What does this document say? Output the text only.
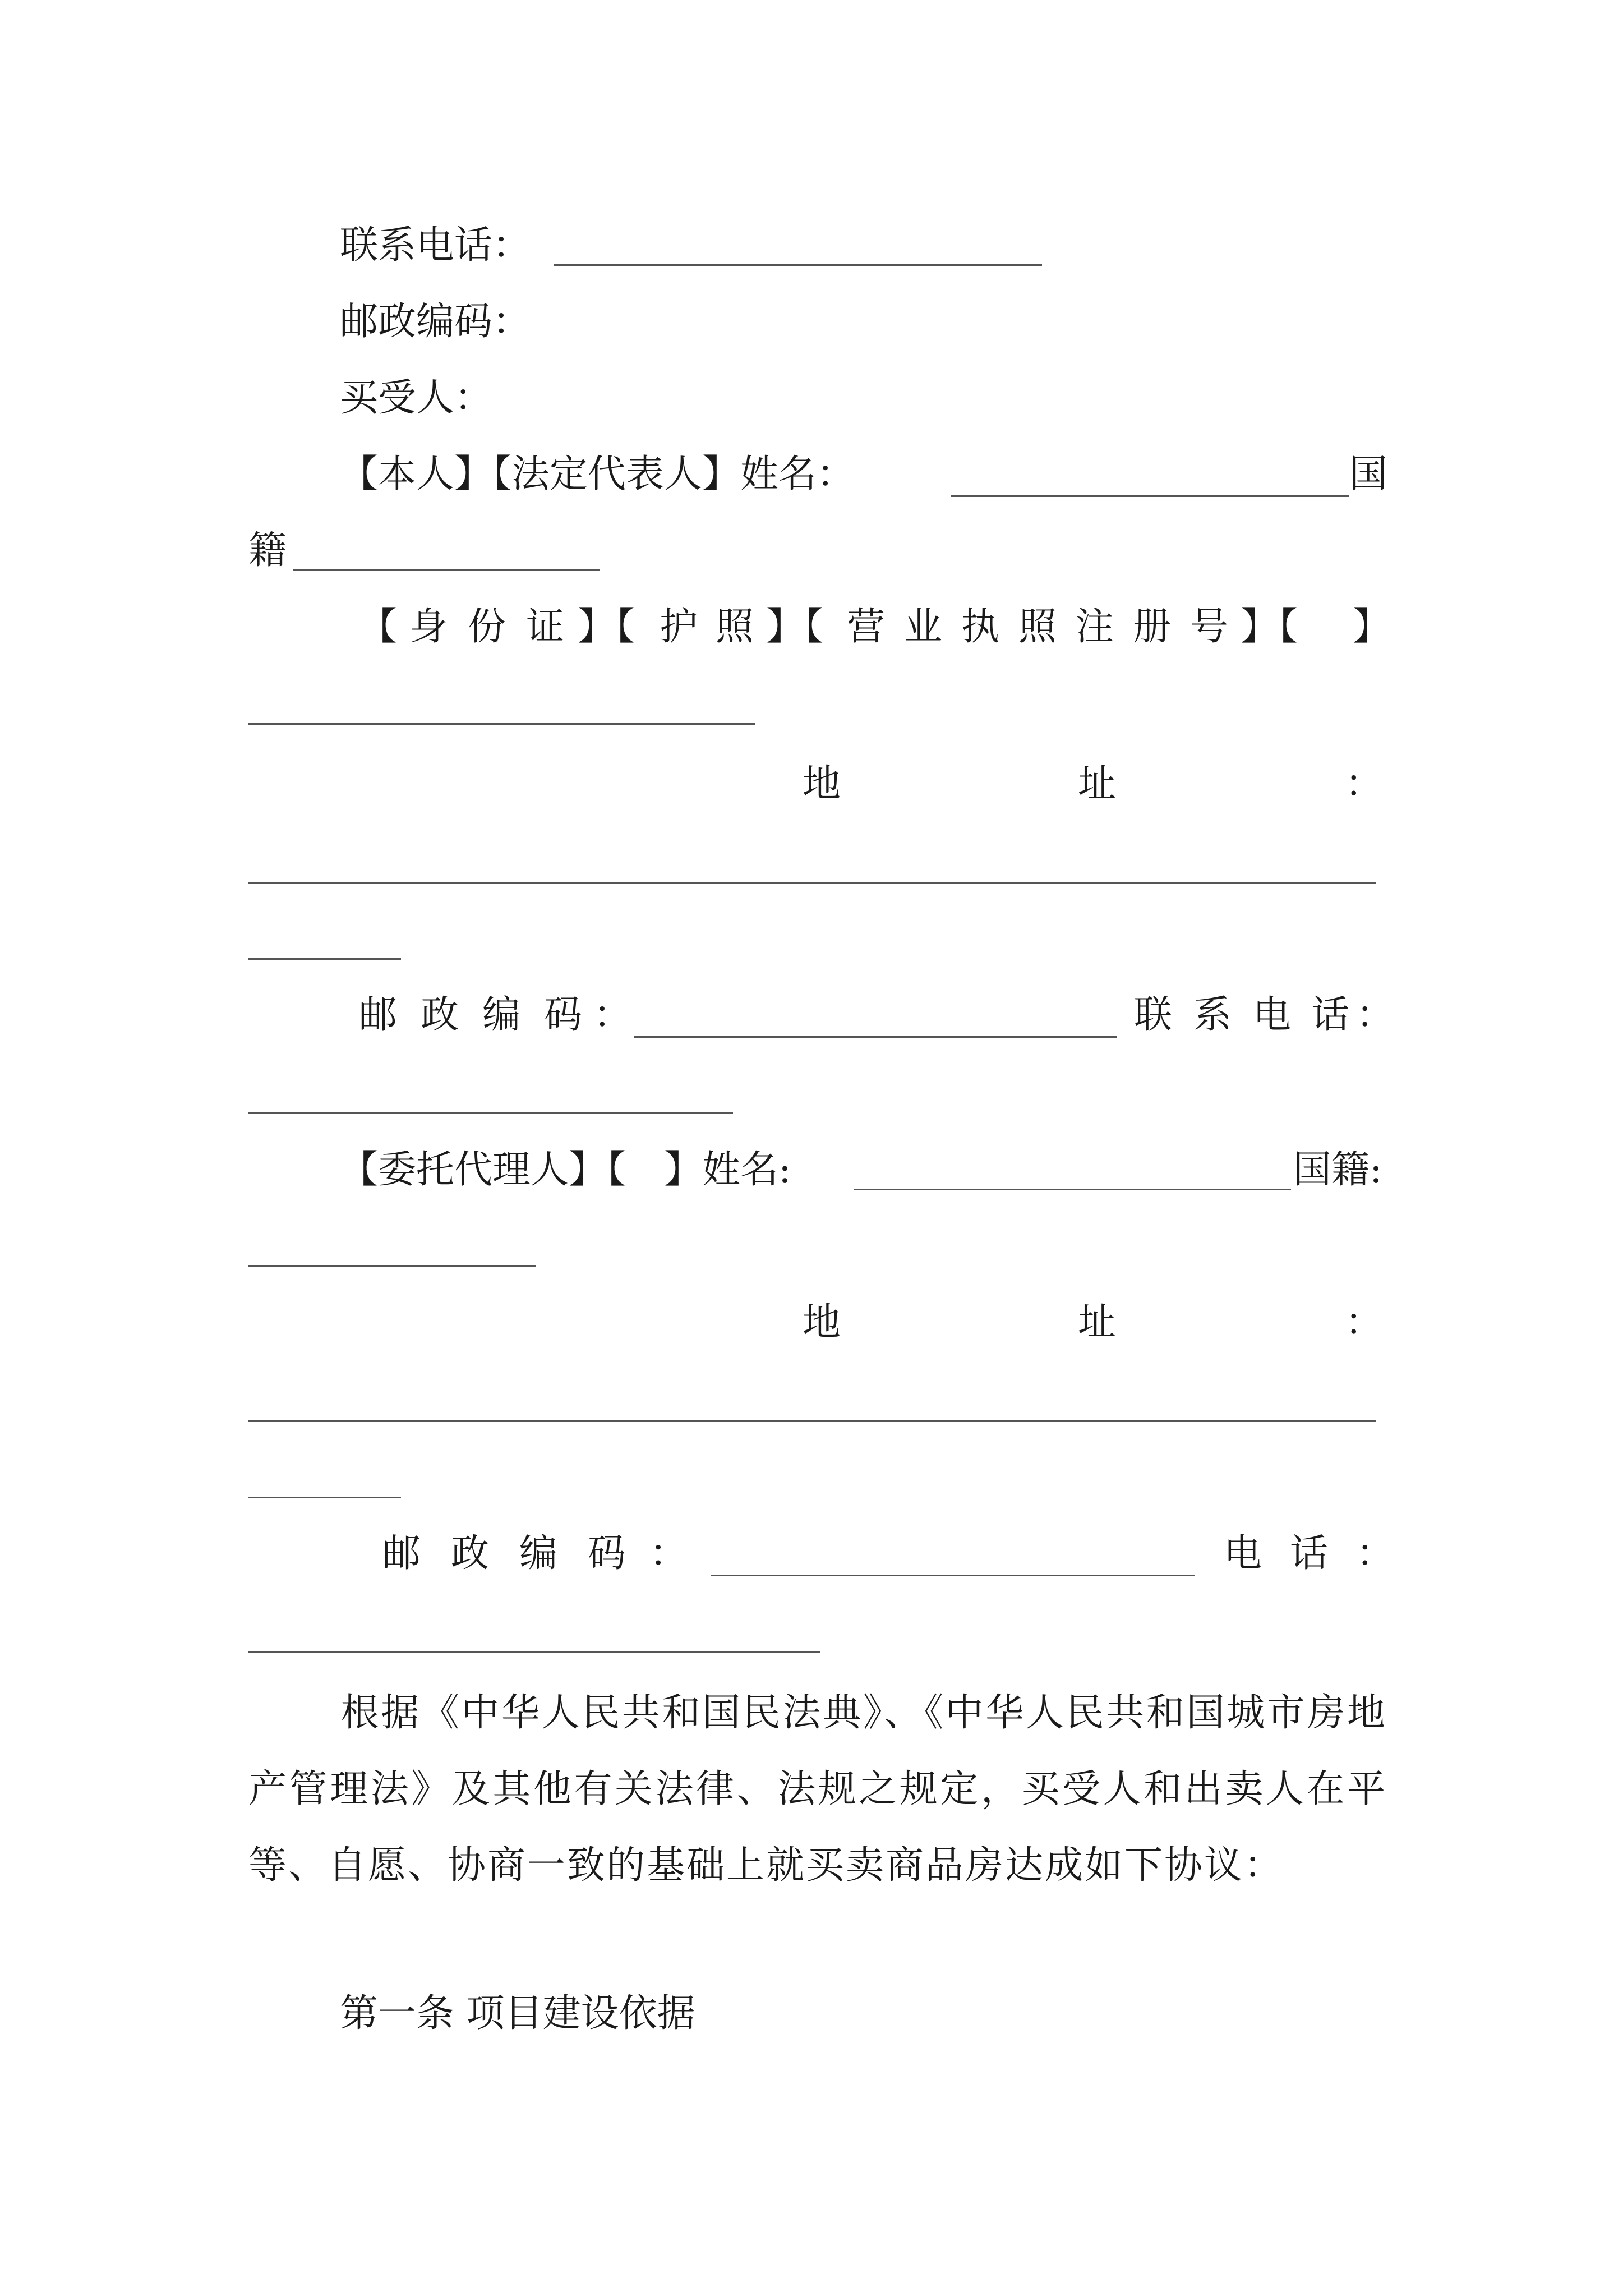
联系电话：
邮政编码：
买受人：
【本人】【法定代表人】姓名：	国
籍
【 身 份 证 】【 护 照 】【 营 业 执 照 注 册 号 】【 】
地	址	：
邮 政 编 码 ：	联 系 电 话 ：
【委托代理人】【　】姓名:	国籍:
地	址	：
邮 政 编 码 ：	电 话 ：
根据《中华人民共和国民法典》、《中华人民共和国城市房地产管理法》及其他有关法律、法规之规定，买受人和出卖人在平等、自愿、协商一致的基础上就买卖商品房达成如下协议：
第一条 项目建设依据
